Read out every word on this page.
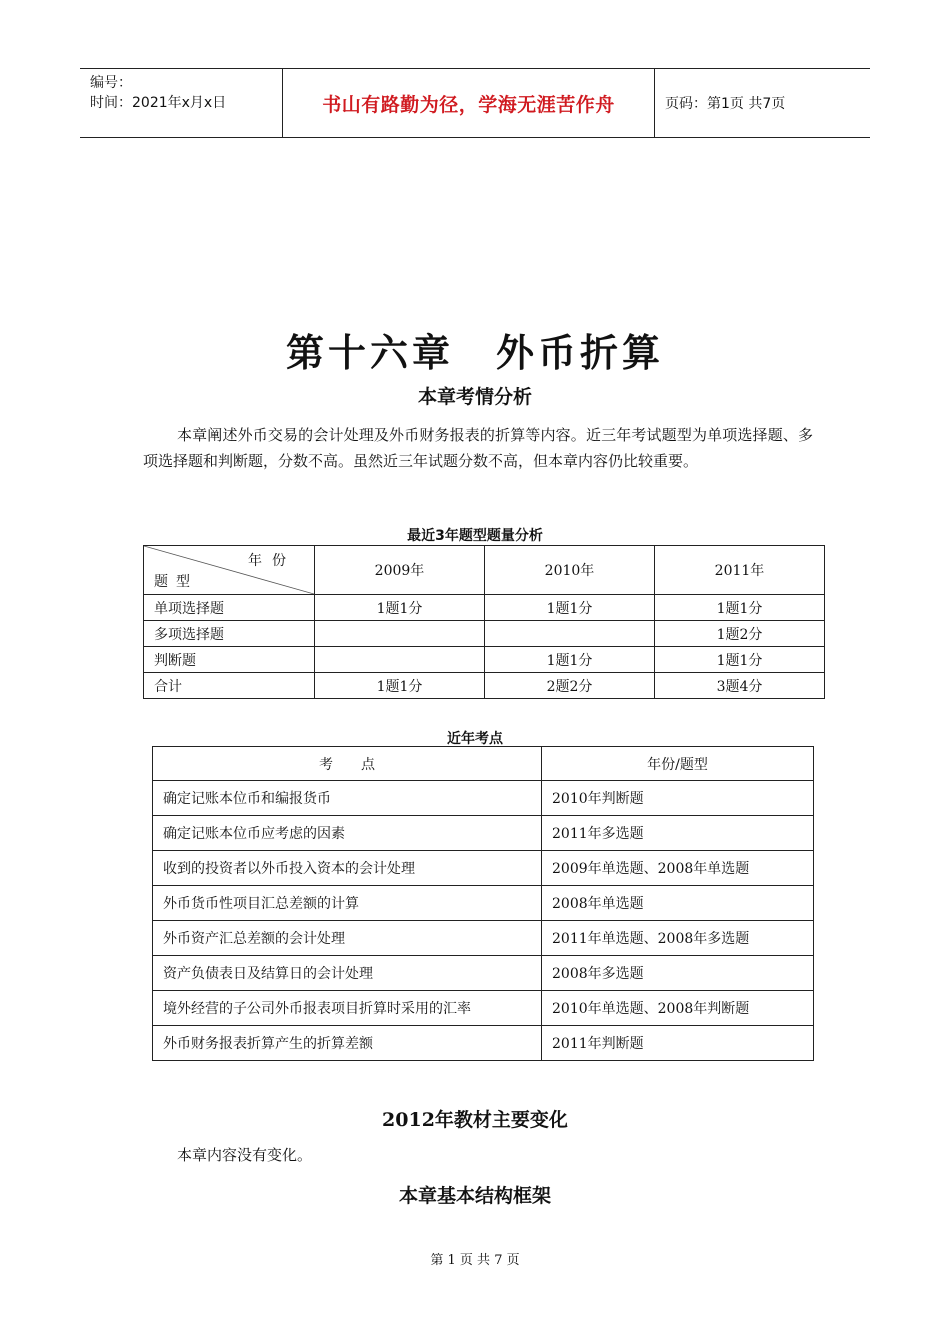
编号：
时间：2021年x月x日	书山有路勤为径，学海无涯苦作舟	页码：第1页 共7页
第十六章　外币折算
本章考情分析
本章阐述外币交易的会计处理及外币财务报表的折算等内容。近三年考试题型为单项选择题、多项选择题和判断题，分数不高。虽然近三年试题分数不高，但本章内容仍比较重要。
最近3年题型题量分析
年份
题型	2009年	2010年	2011年
单项选择题	1题1分	1题1分	1题1分
多项选择题			1题2分
判断题		1题1分	1题1分
合计	1题1分	2题2分	3题4分
近年考点
考　　点	年份/题型
确定记账本位币和编报货币	2010年判断题
确定记账本位币应考虑的因素	2011年多选题
收到的投资者以外币投入资本的会计处理	2009年单选题、2008年单选题
外币货币性项目汇总差额的计算	2008年单选题
外币资产汇总差额的会计处理	2011年单选题、2008年多选题
资产负债表日及结算日的会计处理	2008年多选题
境外经营的子公司外币报表项目折算时采用的汇率	2010年单选题、2008年判断题
外币财务报表折算产生的折算差额	2011年判断题
2012年教材主要变化
本章内容没有变化。
本章基本结构框架
第 1 页 共 7 页
